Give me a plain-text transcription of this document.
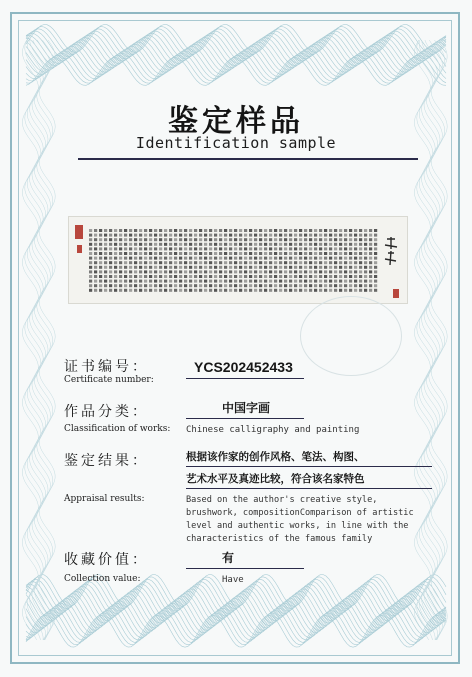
鉴定样品
Identification sample
证书编号：
Certificate number:
YCS202452433
作品分类：
Classification of works:
中国字画
Chinese calligraphy and painting
鉴定结果：
Appraisal results:
根据该作家的创作风格、笔法、构图、
艺术水平及真迹比较，符合该名家特色
Based on the author's creative style,
brushwork, compositionComparison of artistic
level and authentic works, in line with the
characteristics of the famous family
收藏价值：
Collection value:
有
Have
